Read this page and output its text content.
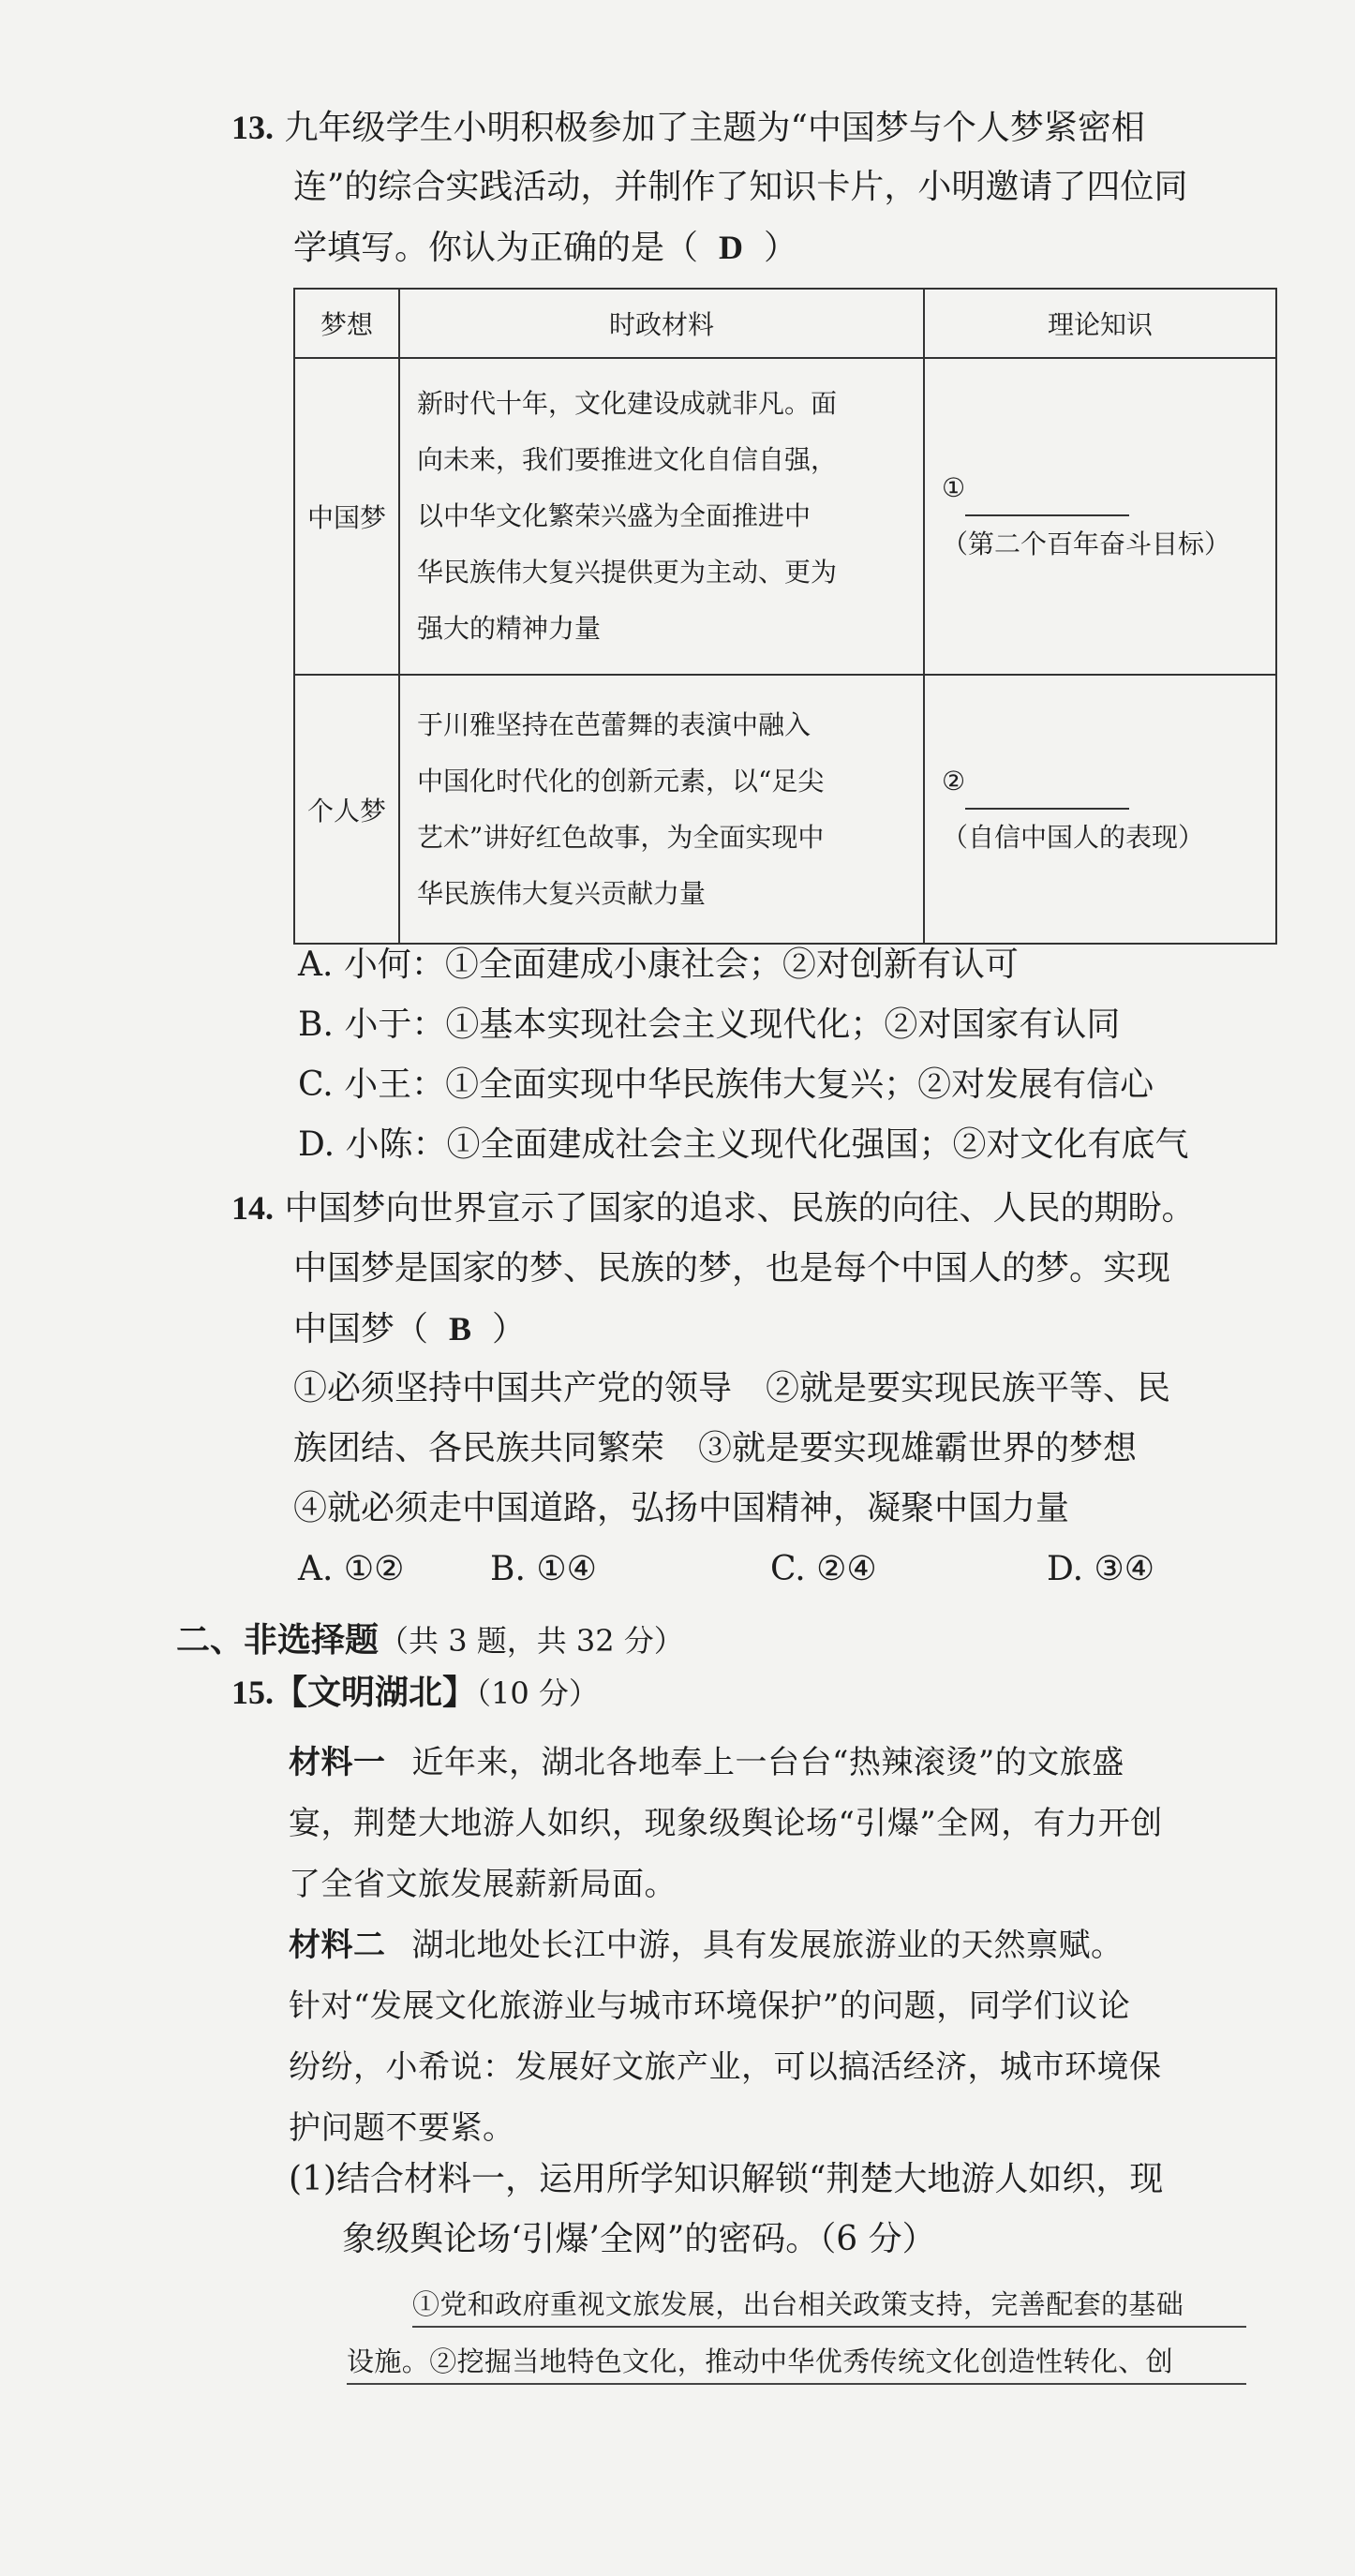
13. 九年级学生小明积极参加了主题为“中国梦与个人梦紧密相
连”的综合实践活动，并制作了知识卡片，小明邀请了四位同
学填写。你认为正确的是（ D ）
梦想	时政材料	理论知识
中国梦	新时代十年，文化建设成就非凡。面
向未来，我们要推进文化自信自强，
以中华文化繁荣兴盛为全面推进中
华民族伟大复兴提供更为主动、更为
强大的精神力量	①
（第二个百年奋斗目标）

个人梦	于川雅坚持在芭蕾舞的表演中融入
中国化时代化的创新元素，以“足尖
艺术”讲好红色故事，为全面实现中
华民族伟大复兴贡献力量	②
（自信中国人的表现）
A. 小何：①全面建成小康社会；②对创新有认可
B. 小于：①基本实现社会主义现代化；②对国家有认同
C. 小王：①全面实现中华民族伟大复兴；②对发展有信心
D. 小陈：①全面建成社会主义现代化强国；②对文化有底气
14. 中国梦向世界宣示了国家的追求、民族的向往、人民的期盼。
中国梦是国家的梦、民族的梦，也是每个中国人的梦。实现
中国梦（ B ）
①必须坚持中国共产党的领导　②就是要实现民族平等、民
族团结、各民族共同繁荣　③就是要实现雄霸世界的梦想
④就必须走中国道路，弘扬中国精神，凝聚中国力量
A. ①②	B. ①④	C. ②④	D. ③④
二、非选择题（共 3 题，共 32 分）
15.【文明湖北】（10 分）
材料一 近年来，湖北各地奉上一台台“热辣滚烫”的文旅盛
宴，荆楚大地游人如织，现象级舆论场“引爆”全网，有力开创
了全省文旅发展薪新局面。
材料二 湖北地处长江中游，具有发展旅游业的天然禀赋。
针对“发展文化旅游业与城市环境保护”的问题，同学们议论
纷纷，小希说：发展好文旅产业，可以搞活经济，城市环境保
护问题不要紧。
(1)结合材料一，运用所学知识解锁“荆楚大地游人如织，现
象级舆论场‘引爆’全网”的密码。（6 分）
①党和政府重视文旅发展，出台相关政策支持，完善配套的基础
设施。②挖掘当地特色文化，推动中华优秀传统文化创造性转化、创
